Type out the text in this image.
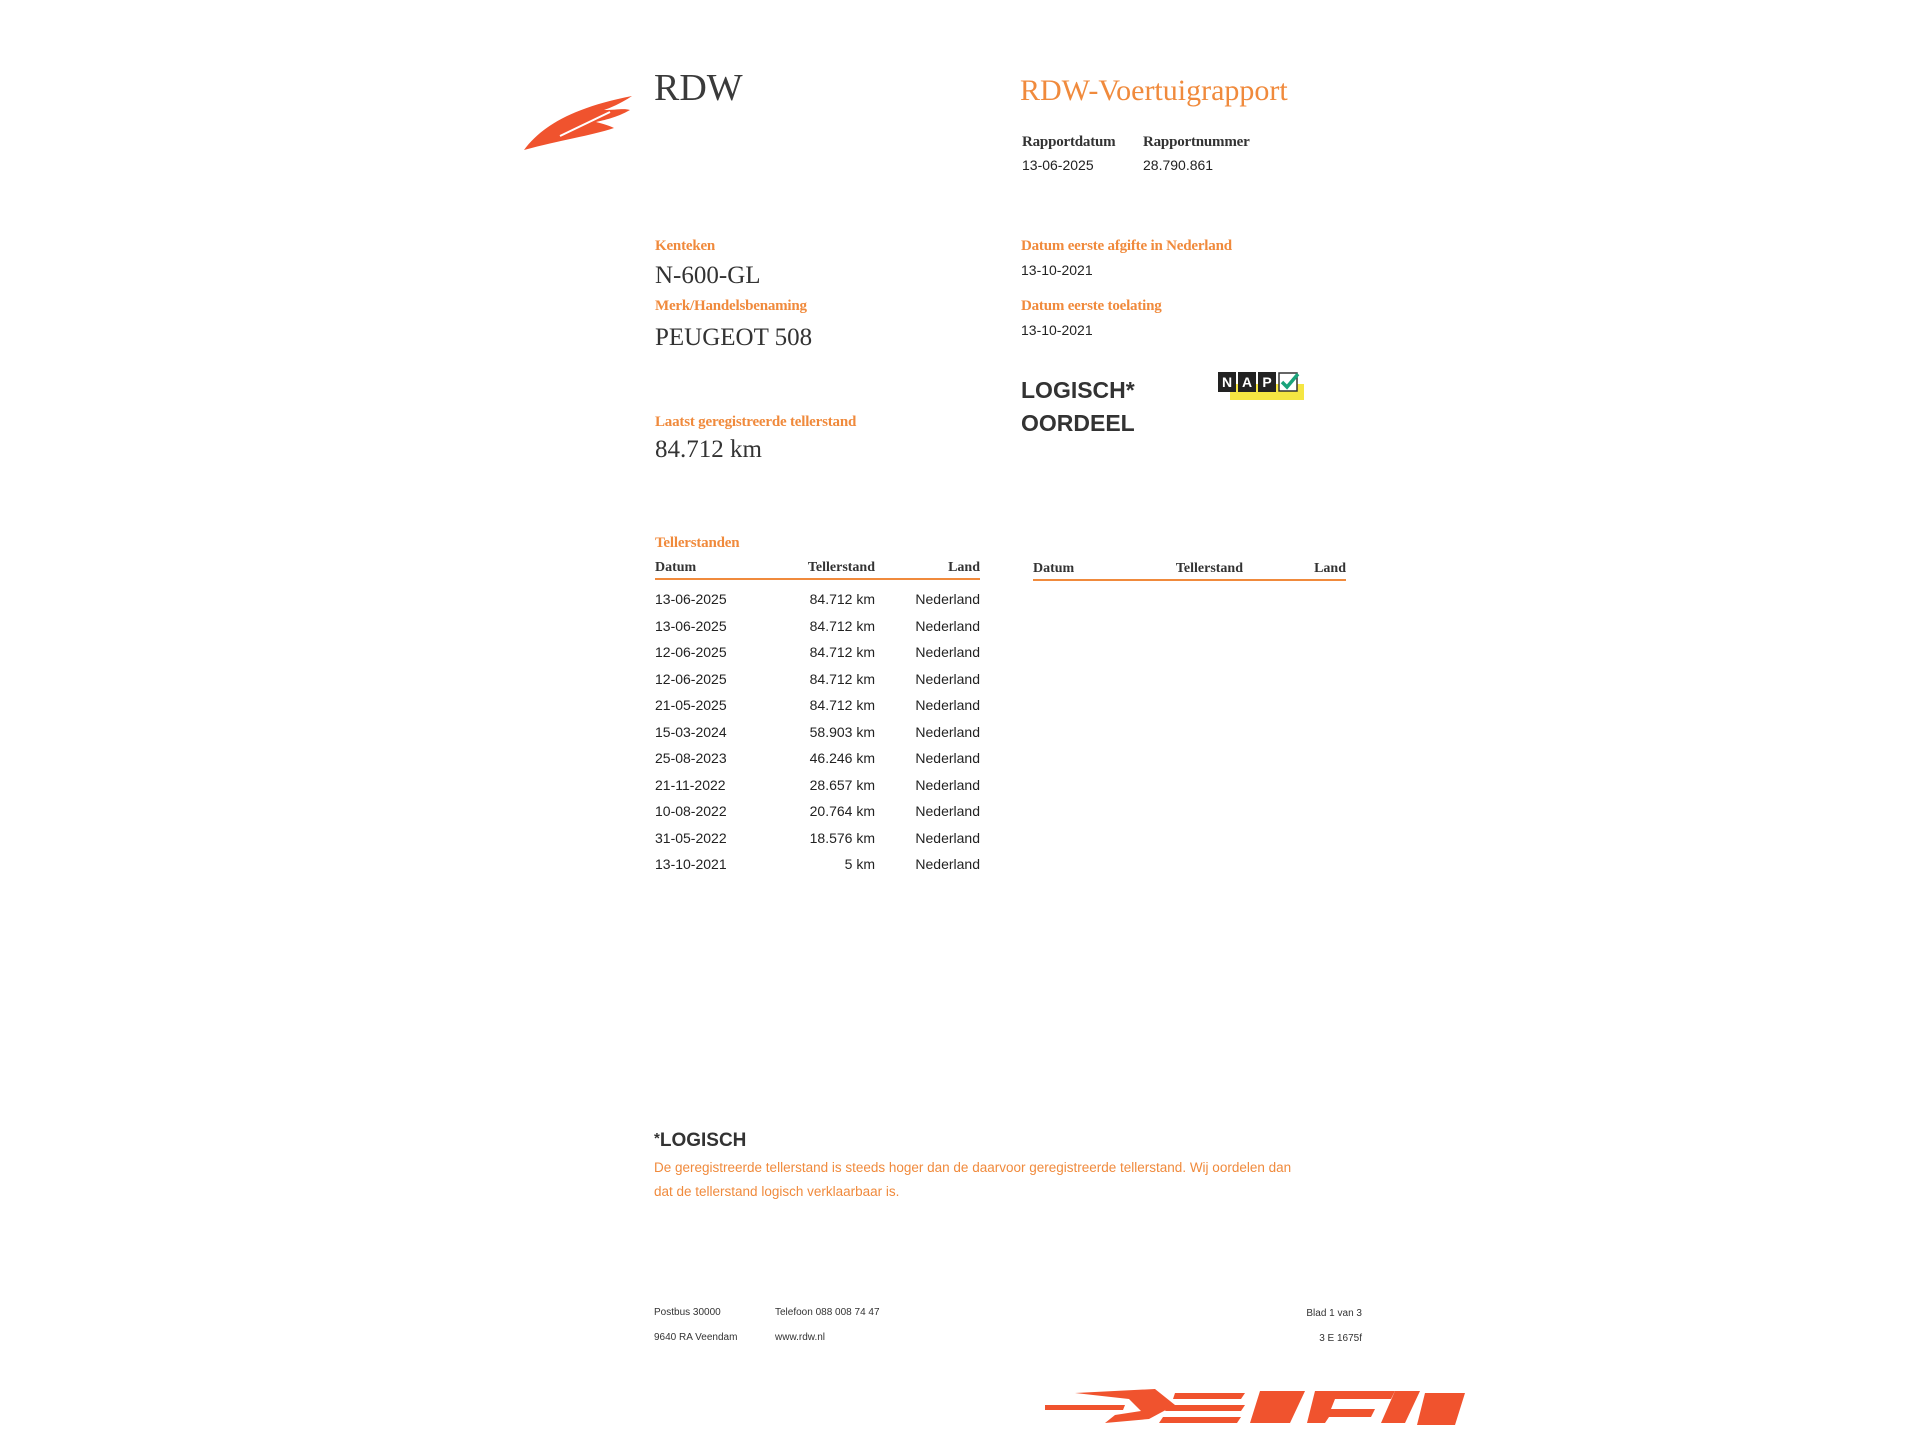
RDW	RDW-Voertuigrapport
Rapportdatum
13-06-2025
Rapportnummer
28.790.861
Kenteken
N-600-GL
Merk/Handelsbenaming
PEUGEOT 508
Laatst geregistreerde tellerstand
84.712 km
Datum eerste afgifte in Nederland
13-10-2021
Datum eerste toelating
13-10-2021
LOGISCH*
OORDEEL
N A P
Tellerstanden
Datum	Tellerstand	Land
13-06-2025	84.712 km	Nederland
13-06-2025	84.712 km	Nederland
12-06-2025	84.712 km	Nederland
12-06-2025	84.712 km	Nederland
21-05-2025	84.712 km	Nederland
15-03-2024	58.903 km	Nederland
25-08-2023	46.246 km	Nederland
21-11-2022	28.657 km	Nederland
10-08-2022	20.764 km	Nederland
31-05-2022	18.576 km	Nederland
13-10-2021	5 km	Nederland
Datum	Tellerstand	Land
*LOGISCH
De geregistreerde tellerstand is steeds hoger dan de daarvoor geregistreerde tellerstand. Wij oordelen dan
dat de tellerstand logisch verklaarbaar is.
Postbus 30000
9640 RA Veendam
Telefoon 088 008 74 47
www.rdw.nl
Blad 1 van 3
3 E 1675f
